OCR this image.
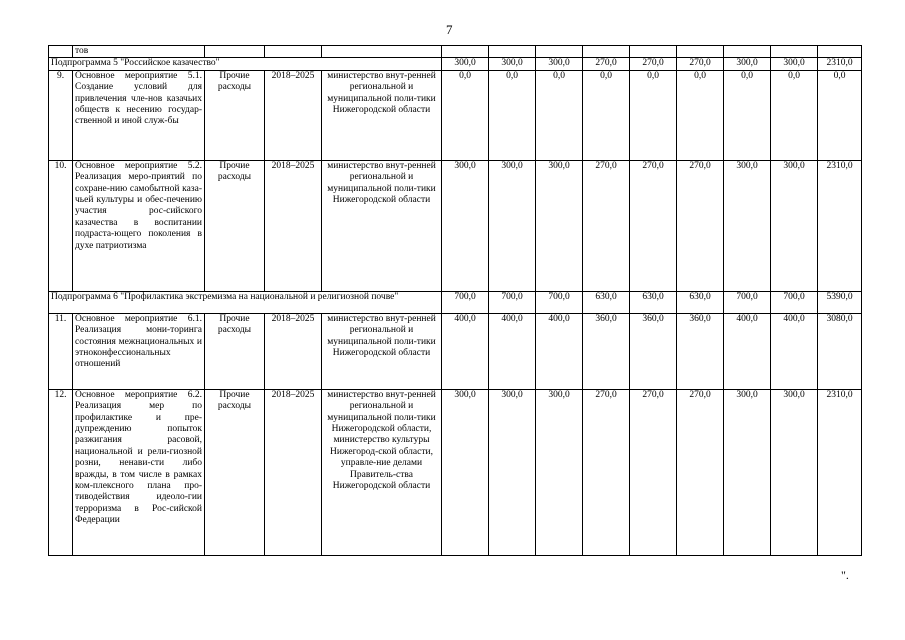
7
	тов												
Подпрограмма 5 "Российское казачество"					300,0	300,0	300,0	270,0	270,0	270,0	300,0	300,0	2310,0
9.	Основное мероприятие 5.1. Создание условий для привлечения чле-нов казачьих обществ к несению государ-ственной и иной служ-бы	Прочие расходы	2018–2025	министерство внут-ренней региональной и муниципальной поли-тики Нижегородской области	0,0	0,0	0,0	0,0	0,0	0,0	0,0	0,0	0,0
10.	Основное мероприятие 5.2. Реализация меро-приятий по сохране-нию самобытной каза-чьей культуры и обес-печению участия рос-сийского казачества в воспитании подраста-ющего поколения в духе патриотизма	Прочие расходы	2018–2025	министерство внут-ренней региональной и муниципальной поли-тики Нижегородской области	300,0	300,0	300,0	270,0	270,0	270,0	300,0	300,0	2310,0
Подпрограмма 6 "Профилактика экстремизма на национальной и религиозной почве"					700,0	700,0	700,0	630,0	630,0	630,0	700,0	700,0	5390,0
11.	Основное мероприятие 6.1. Реализация мони-торинга состояния межнациональных и этноконфессиональных отношений	Прочие расходы	2018–2025	министерство внут-ренней региональной и муниципальной поли-тики Нижегородской области	400,0	400,0	400,0	360,0	360,0	360,0	400,0	400,0	3080,0
12.	Основное мероприятие 6.2. Реализация мер по профилактике и пре-дупреждению попыток разжигания расовой, национальной и рели-гиозной розни, ненави-сти либо вражды, в том числе в рамках ком-плексного плана про-тиводействия идеоло-гии терроризма в Рос-сийской Федерации	Прочие расходы	2018–2025	министерство внут-ренней региональной и муниципальной поли-тики Нижегородской области, министерство культуры Нижегород-ской области, управле-ние делами Правитель-ства Нижегородской области	300,0	300,0	300,0	270,0	270,0	270,0	300,0	300,0	2310,0
".
